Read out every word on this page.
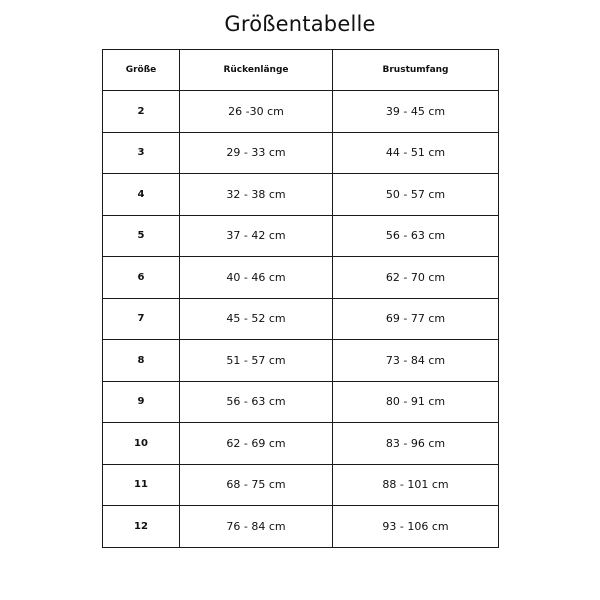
Größentabelle
Größe	Rückenlänge	Brustumfang
2	26 -30 cm	39 - 45 cm
3	29 - 33 cm	44 - 51 cm
4	32 - 38 cm	50 - 57 cm
5	37 - 42 cm	56 - 63 cm
6	40 - 46 cm	62 - 70 cm
7	45 - 52 cm	69 - 77 cm
8	51 - 57 cm	73 - 84 cm
9	56 - 63 cm	80 - 91 cm
10	62 - 69 cm	83 - 96 cm
11	68 - 75 cm	88 - 101 cm
12	76 - 84 cm	93 - 106 cm
